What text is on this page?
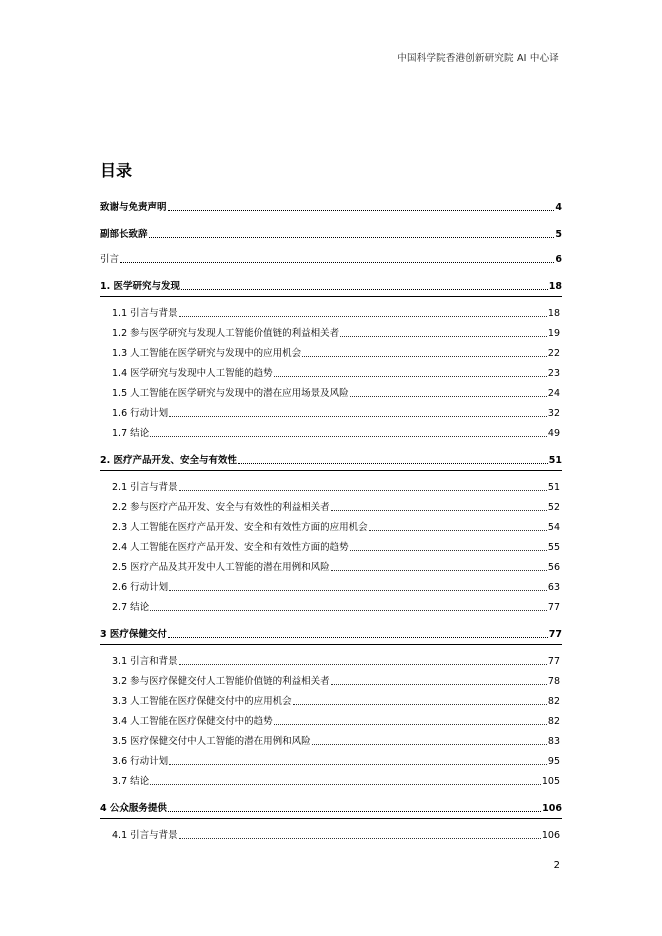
中国科学院香港创新研究院 AI 中心译
目录
致谢与免责声明	4
副部长致辞	5
引言	6
1. 医学研究与发现	18
1.1 引言与背景	18
1.2 参与医学研究与发现人工智能价值链的利益相关者	19
1.3 人工智能在医学研究与发现中的应用机会	22
1.4 医学研究与发现中人工智能的趋势	23
1.5 人工智能在医学研究与发现中的潜在应用场景及风险	24
1.6 行动计划	32
1.7 结论	49
2. 医疗产品开发、安全与有效性	51
2.1 引言与背景	51
2.2 参与医疗产品开发、安全与有效性的利益相关者	52
2.3 人工智能在医疗产品开发、安全和有效性方面的应用机会	54
2.4 人工智能在医疗产品开发、安全和有效性方面的趋势	55
2.5 医疗产品及其开发中人工智能的潜在用例和风险	56
2.6 行动计划	63
2.7 结论	77
3 医疗保健交付	77
3.1 引言和背景	77
3.2 参与医疗保健交付人工智能价值链的利益相关者	78
3.3 人工智能在医疗保健交付中的应用机会	82
3.4 人工智能在医疗保健交付中的趋势	82
3.5 医疗保健交付中人工智能的潜在用例和风险	83
3.6 行动计划	95
3.7 结论	105
4 公众服务提供	106
4.1 引言与背景	106
2
